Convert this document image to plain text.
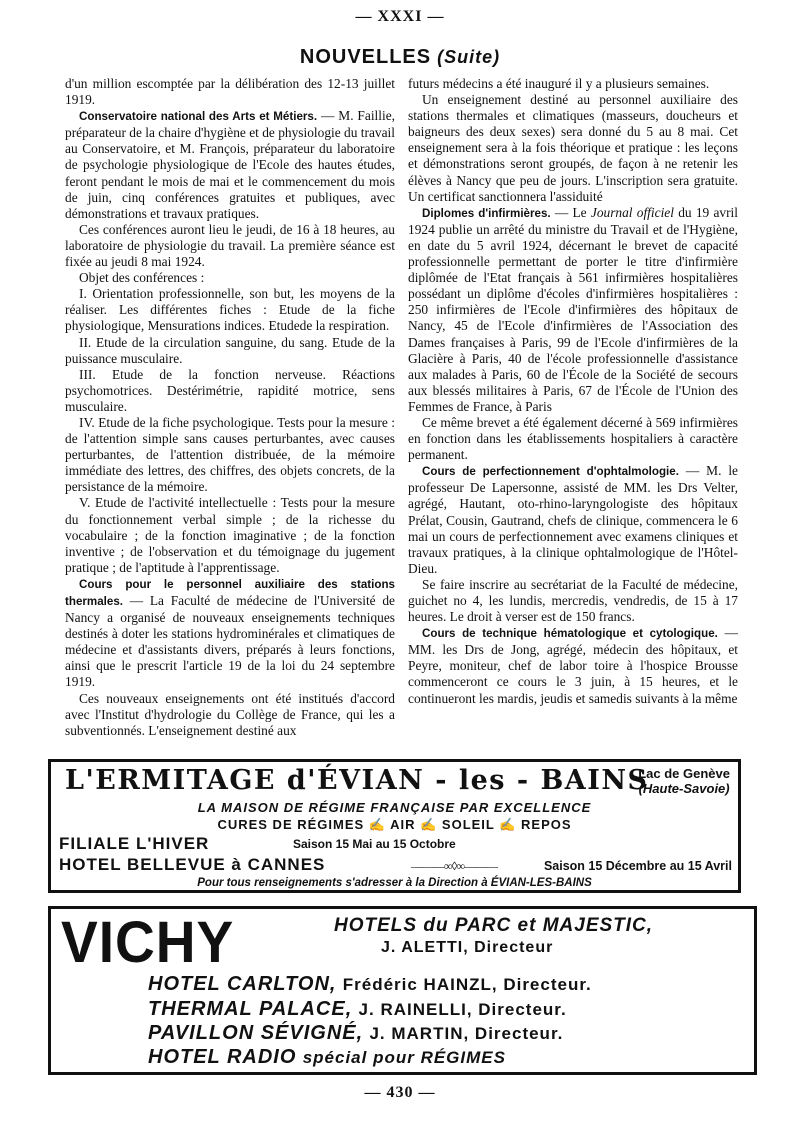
— XXXI —
NOUVELLES (Suite)

d'un million escomptée par la délibération des 12-13 juillet 1919.

Conservatoire national des Arts et Métiers. — M. Faillie, préparateur de la chaire d'hygiène et de physiologie du travail au Conservatoire, et M. François, préparateur du laboratoire de psychologie physiologique de l'Ecole des hautes études, feront pendant le mois de mai et le commencement du mois de juin, cinq conférences gratuites et publiques, avec démonstrations et travaux pratiques.

Ces conférences auront lieu le jeudi, de 16 à 18 heures, au laboratoire de physiologie du travail. La première séance est fixée au jeudi 8 mai 1924.

Objet des conférences :

I. Orientation professionnelle, son but, les moyens de la réaliser. Les différentes fiches : Etude de la fiche physiologique, Mensurations indices. Etudede la respiration.

II. Etude de la circulation sanguine, du sang. Etude de la puissance musculaire.

III. Etude de la fonction nerveuse. Réactions psychomotrices. Destérimétrie, rapidité motrice, sens musculaire.

IV. Etude de la fiche psychologique. Tests pour la mesure : de l'attention simple sans causes perturbantes, avec causes perturbantes, de l'attention distribuée, de la mémoire immédiate des lettres, des chiffres, des objets concrets, de la persistance de la mémoire.

V. Etude de l'activité intellectuelle : Tests pour la mesure du fonctionnement verbal simple ; de la richesse du vocabulaire ; de la fonction imaginative ; de la fonction inventive ; de l'observation et du témoignage du jugement pratique ; de l'aptitude à l'apprentissage.

Cours pour le personnel auxiliaire des stations thermales. — La Faculté de médecine de l'Université de Nancy a organisé de nouveaux enseignements techniques destinés à doter les stations hydrominérales et climatiques de médecine et d'assistants divers, préparés à leurs fonctions, ainsi que le prescrit l'article 19 de la loi du 24 septembre 1919.

Ces nouveaux enseignements ont été institués d'accord avec l'Institut d'hydrologie du Collège de France, qui les a subventionnés. L'enseignement destiné aux

futurs médecins a été inauguré il y a plusieurs semaines.

Un enseignement destiné au personnel auxiliaire des stations thermales et climatiques (masseurs, doucheurs et baigneurs des deux sexes) sera donné du 5 au 8 mai. Cet enseignement sera à la fois théorique et pratique : les leçons et démonstrations seront groupés, de façon à ne retenir les élèves à Nancy que peu de jours. L'inscription sera gratuite. Un certificat sanctionnera l'assiduité

Diplomes d'infirmières. — Le Journal officiel du 19 avril 1924 publie un arrêté du ministre du Travail et de l'Hygiène, en date du 5 avril 1924, décernant le brevet de capacité professionnelle permettant de porter le titre d'infirmière diplômée de l'Etat français à 561 infirmières hospitalières possédant un diplôme d'écoles d'infirmières hospitalières : 250 infirmières de l'Ecole d'infirmières des hôpitaux de Nancy, 45 de l'Ecole d'infirmières de l'Association des Dames françaises à Paris, 99 de l'Ecole d'infirmières de la Glacière à Paris, 40 de l'école professionnelle d'assistance aux malades à Paris, 60 de l'École de la Société de secours aux blessés militaires à Paris, 67 de l'École de l'Union des Femmes de France, à Paris

Ce même brevet a été également décerné à 569 infirmières en fonction dans les établissements hospitaliers à caractère permanent.

Cours de perfectionnement d'ophtalmologie. — M. le professeur De Lapersonne, assisté de MM. les Drs Velter, agrégé, Hautant, oto-rhino-laryngologiste des hôpitaux Prélat, Cousin, Gautrand, chefs de clinique, commencera le 6 mai un cours de perfectionnement avec examens cliniques et travaux pratiques, à la clinique ophtalmologique de l'Hôtel-Dieu.

Se faire inscrire au secrétariat de la Faculté de médecine, guichet no 4, les lundis, mercredis, vendredis, de 15 à 17 heures. Le droit à verser est de 150 francs.

Cours de technique hématologique et cytologique. — MM. les Drs de Jong, agrégé, médecin des hôpitaux, et Peyre, moniteur, chef de labor toire à l'hospice Brousse commenceront ce cours le 3 juin, à 15 heures, et le continueront les mardis, jeudis et samedis suivants à la même

L'ERMITAGE d'ÉVIAN - les - BAINS
Lac de Genève
(Haute-Savoie)
LA MAISON DE RÉGIME FRANÇAISE PAR EXCELLENCE
CURES DE RÉGIMES ✍ AIR ✍ SOLEIL ✍ REPOS
FILIALE L'HIVER	Saison 15 Mai au 15 Octobre
HOTEL BELLEVUE à CANNES	———∞◊∞———	Saison 15 Décembre au 15 Avril
Pour tous renseignements s'adresser à la Direction à ÉVIAN-LES-BAINS
VICHY	HOTELS du PARC et MAJESTIC,
J. ALETTI, Directeur
HOTEL CARLTON, Frédéric HAINZL, Directeur.
THERMAL PALACE, J. RAINELLI, Directeur.
PAVILLON SÉVIGNÉ, J. MARTIN, Directeur.
HOTEL RADIO spécial pour RÉGIMES
— 430 —
